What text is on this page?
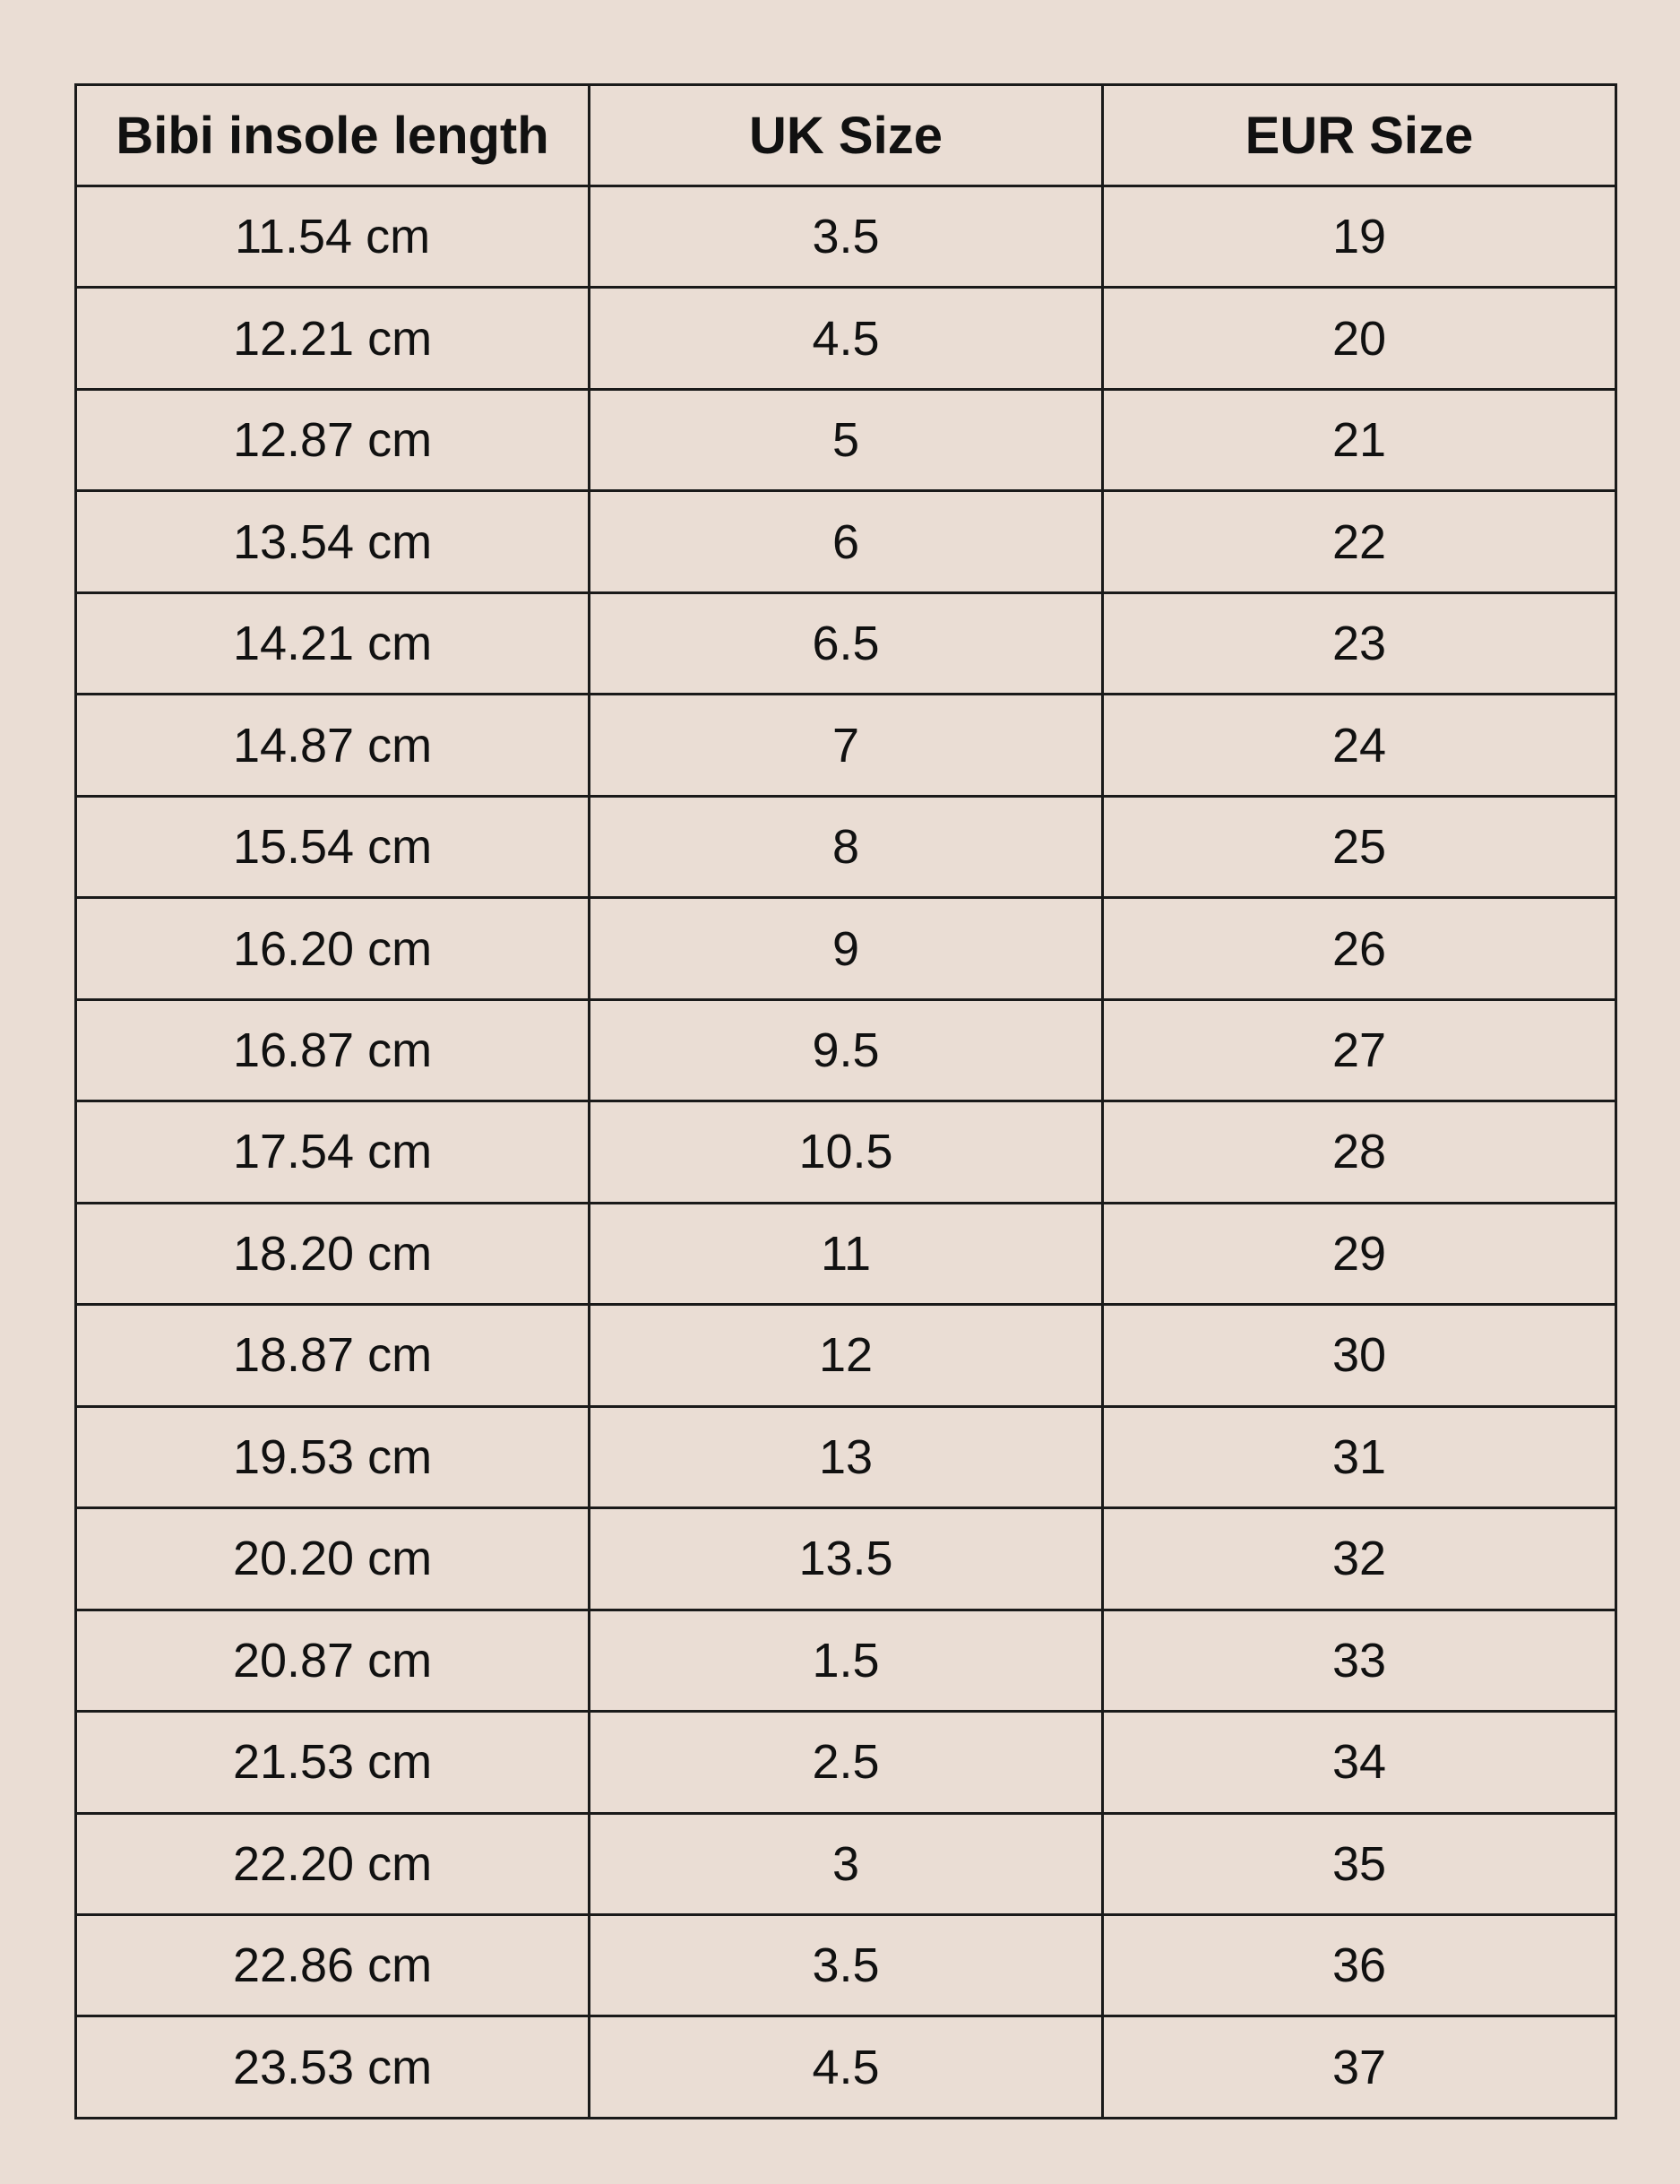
Bibi insole length	UK Size	EUR Size
11.54 cm	3.5	19
12.21 cm	4.5	20
12.87 cm	5	21
13.54 cm	6	22
14.21 cm	6.5	23
14.87 cm	7	24
15.54 cm	8	25
16.20 cm	9	26
16.87 cm	9.5	27
17.54 cm	10.5	28
18.20 cm	11	29
18.87 cm	12	30
19.53 cm	13	31
20.20 cm	13.5	32
20.87 cm	1.5	33
21.53 cm	2.5	34
22.20 cm	3	35
22.86 cm	3.5	36
23.53 cm	4.5	37
